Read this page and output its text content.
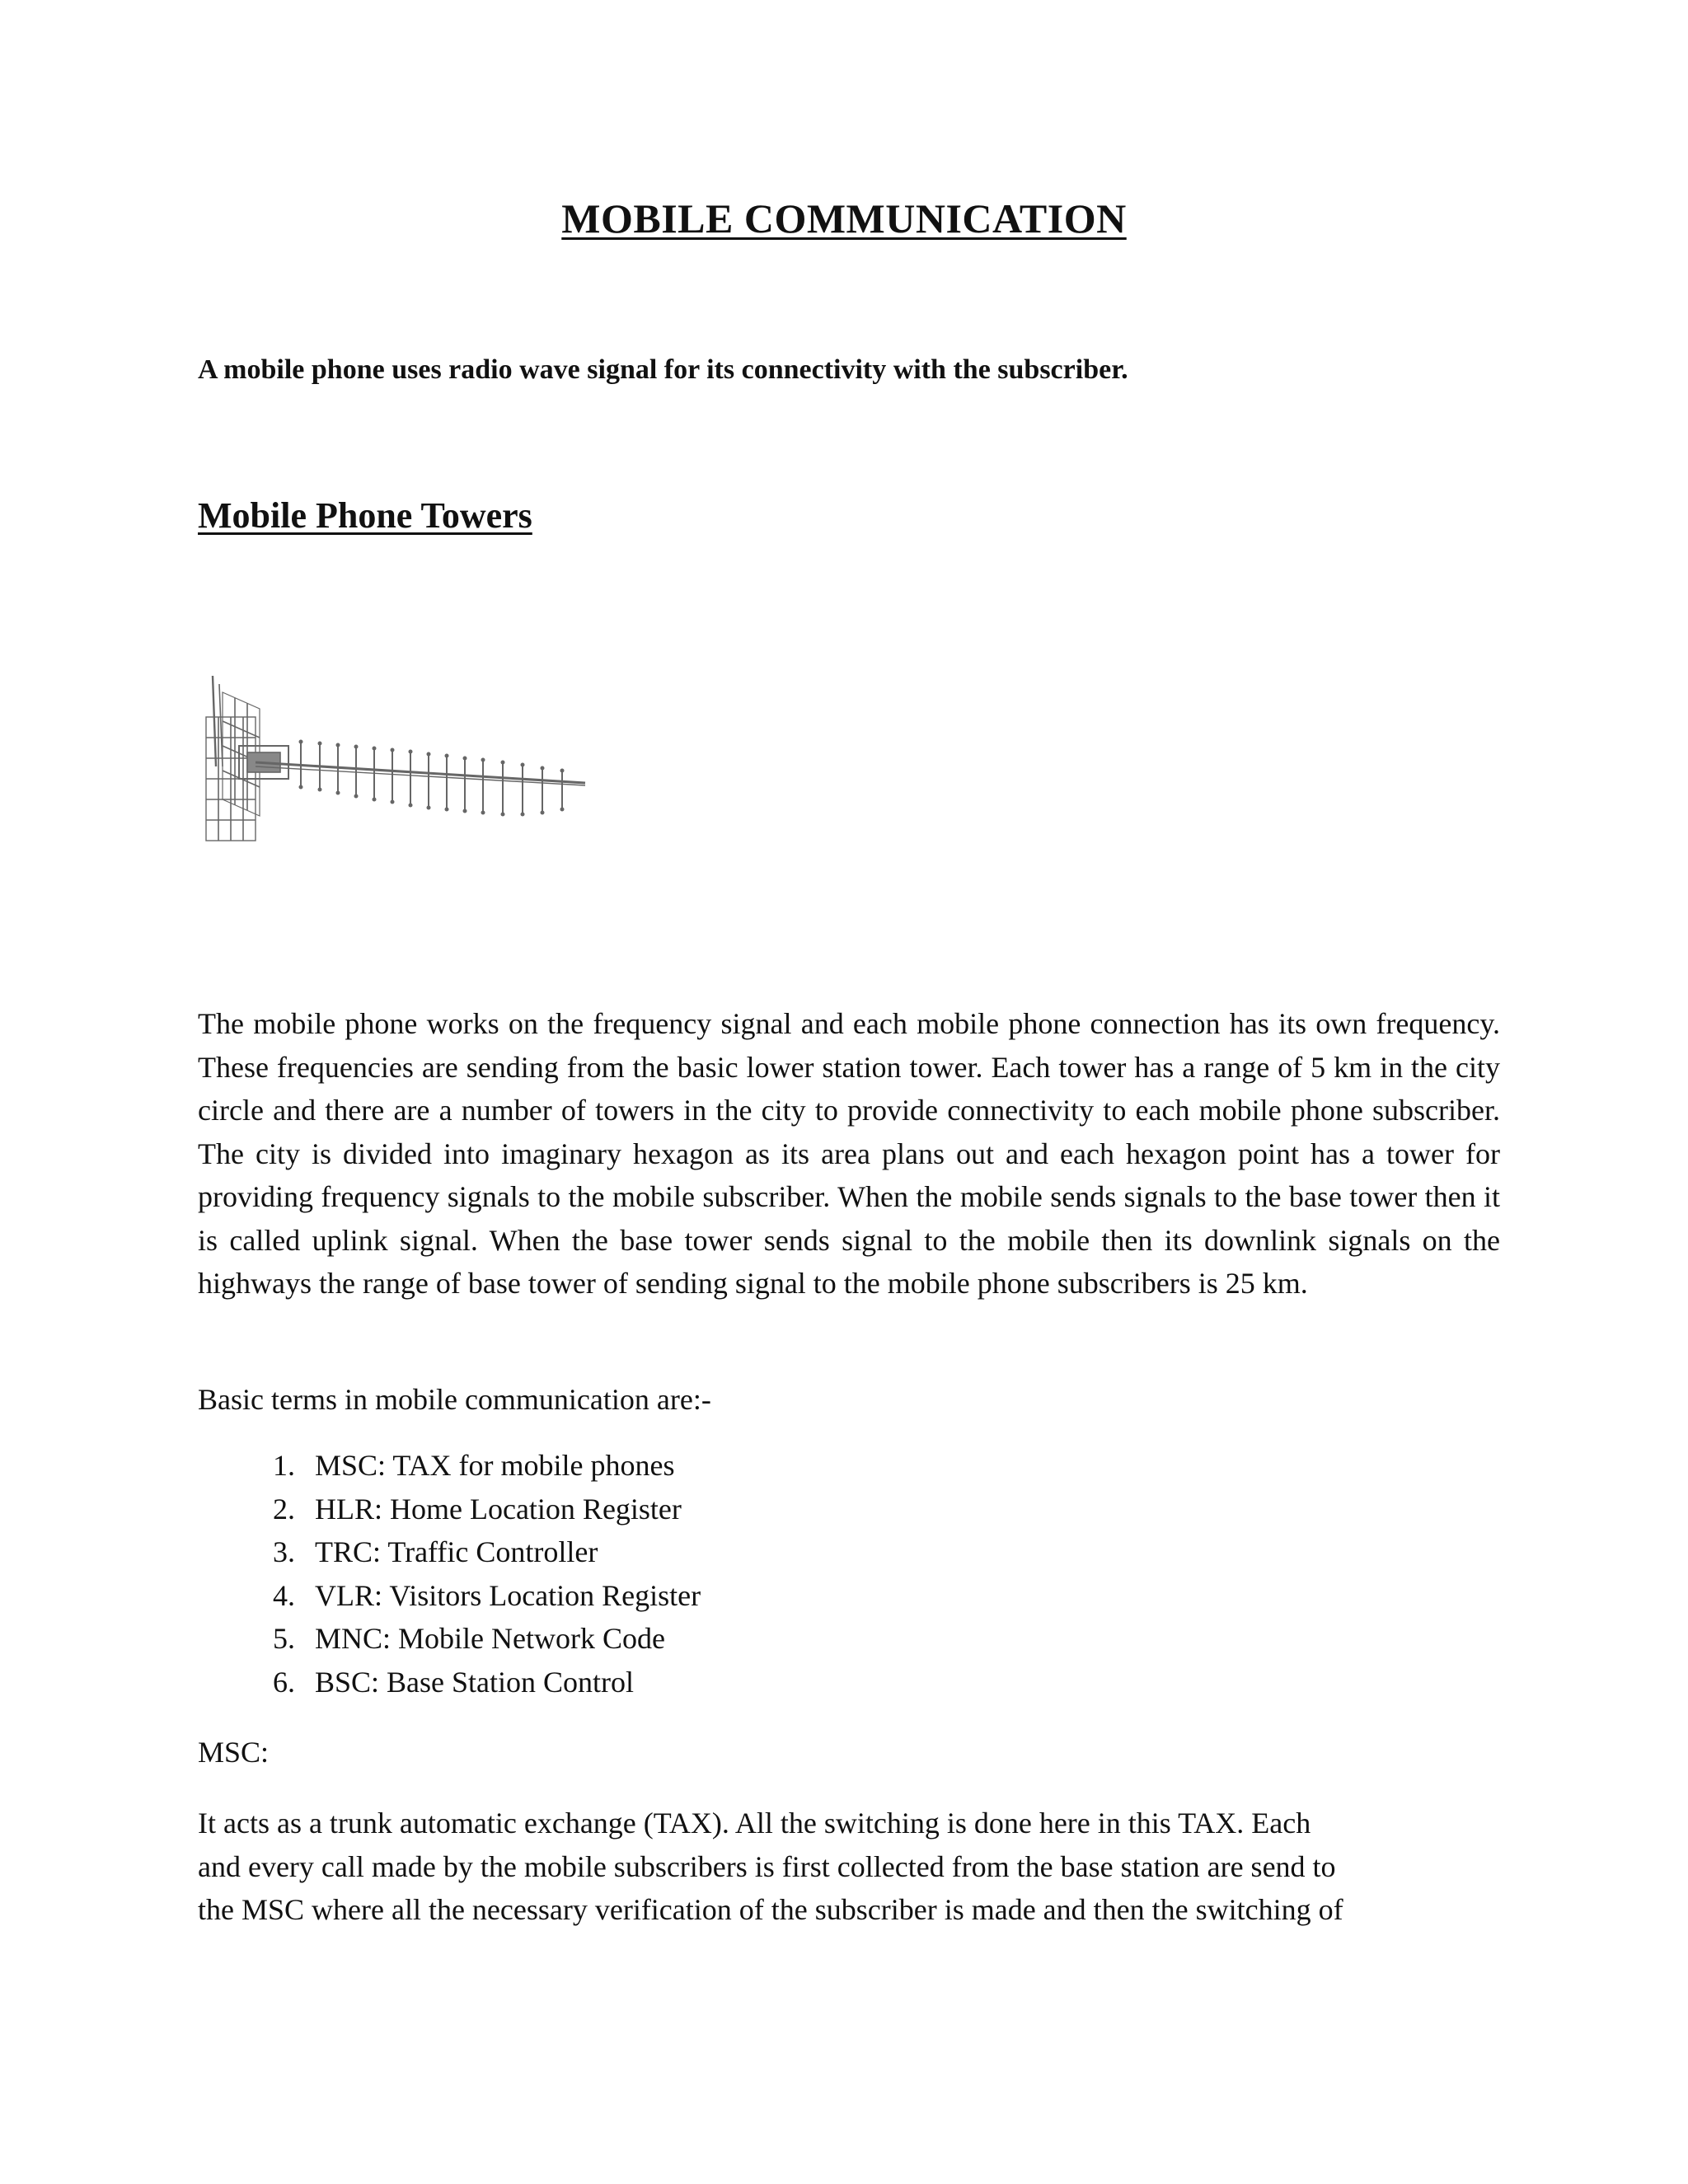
MOBILE COMMUNICATION

A mobile phone uses radio wave signal for its connectivity with the subscriber.

Mobile Phone Towers

The mobile phone works on the frequency signal and each mobile phone connection has its own frequency. These frequencies are sending from the basic lower station tower. Each tower has a range of 5 km in the city circle and there are a number of towers in the city to provide connectivity to each mobile phone subscriber. The city is divided into imaginary hexagon as its area plans out and each hexagon point has a tower for providing frequency signals to the mobile subscriber. When the mobile sends signals to the base tower then it is called uplink signal. When the base tower sends signal to the mobile then its downlink signals on the highways the range of base tower of sending signal to the mobile phone subscribers is 25 km.

Basic terms in mobile communication are:-

1. MSC: TAX for mobile phones
2. HLR: Home Location Register
3. TRC: Traffic Controller
4. VLR: Visitors Location Register
5. MNC: Mobile Network Code
6. BSC: Base Station Control

MSC:

It acts as a trunk automatic exchange (TAX). All the switching is done here in this TAX. Each
and every call made by the mobile subscribers is first collected from the base station are send to
the MSC where all the necessary verification of the subscriber is made and then the switching of
